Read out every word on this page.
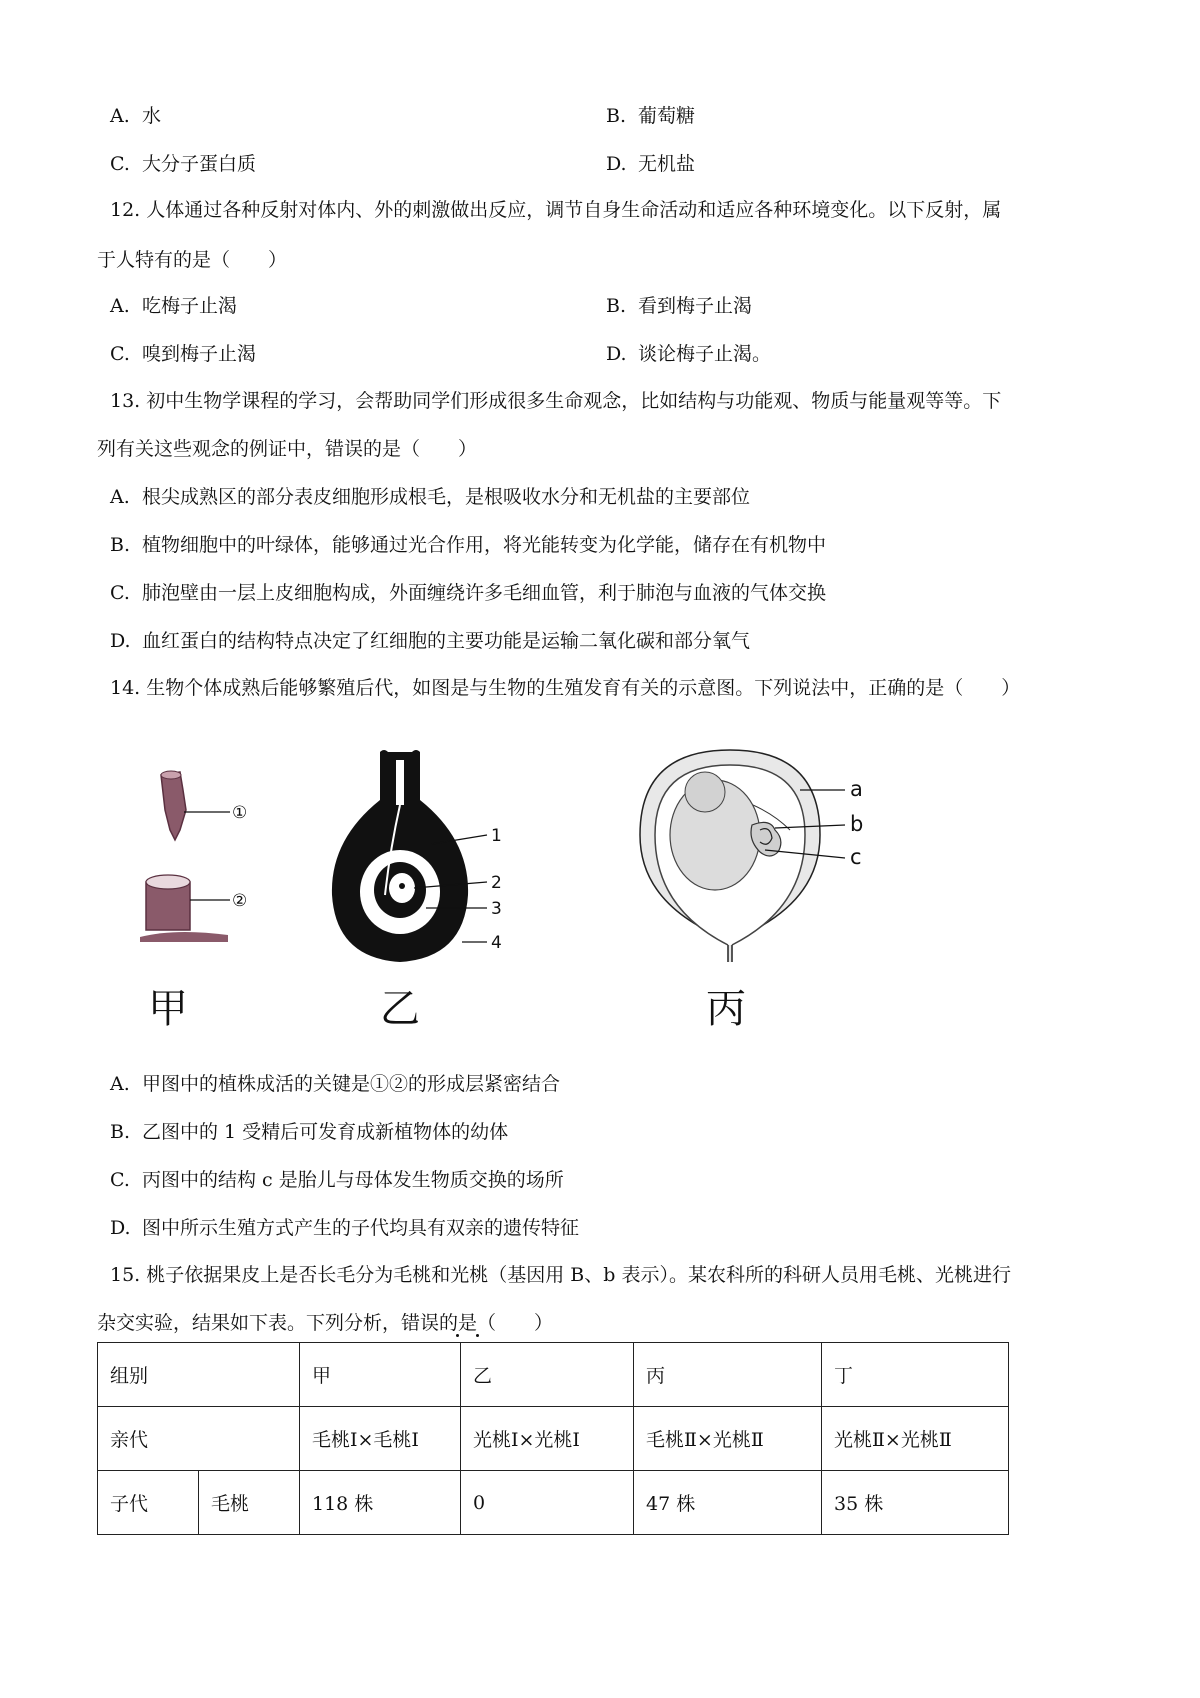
A. 水	B. 葡萄糖
C. 大分子蛋白质	D. 无机盐
12. 人体通过各种反射对体内、外的刺激做出反应，调节自身生命活动和适应各种环境变化。以下反射，属
于人特有的是（　　）
A. 吃梅子止渴	B. 看到梅子止渴
C. 嗅到梅子止渴	D. 谈论梅子止渴。
13. 初中生物学课程的学习，会帮助同学们形成很多生命观念，比如结构与功能观、物质与能量观等等。下
列有关这些观念的例证中，错误的是（　　）
A. 根尖成熟区的部分表皮细胞形成根毛，是根吸收水分和无机盐的主要部位
B. 植物细胞中的叶绿体，能够通过光合作用，将光能转变为化学能，储存在有机物中
C. 肺泡壁由一层上皮细胞构成，外面缠绕许多毛细血管，利于肺泡与血液的气体交换
D. 血红蛋白的结构特点决定了红细胞的主要功能是运输二氧化碳和部分氧气
14. 生物个体成熟后能够繁殖后代，如图是与生物的生殖发育有关的示意图。下列说法中，正确的是（　　）
①
②
1
2
3
4
a
b
c
甲	乙	丙
A. 甲图中的植株成活的关键是①②的形成层紧密结合
B. 乙图中的 1 受精后可发育成新植物体的幼体
C. 丙图中的结构 c 是胎儿与母体发生物质交换的场所
D. 图中所示生殖方式产生的子代均具有双亲的遗传特征
15. 桃子依据果皮上是否长毛分为毛桃和光桃（基因用 B、b 表示）。某农科所的科研人员用毛桃、光桃进行
杂交实验，结果如下表。下列分析，错误的是（　　）
组别		甲	乙	丙	丁
亲代		毛桃Ⅰ×毛桃Ⅰ	光桃Ⅰ×光桃Ⅰ	毛桃Ⅱ×光桃Ⅱ	光桃Ⅱ×光桃Ⅱ
子代	毛桃	118 株	0	47 株	35 株
